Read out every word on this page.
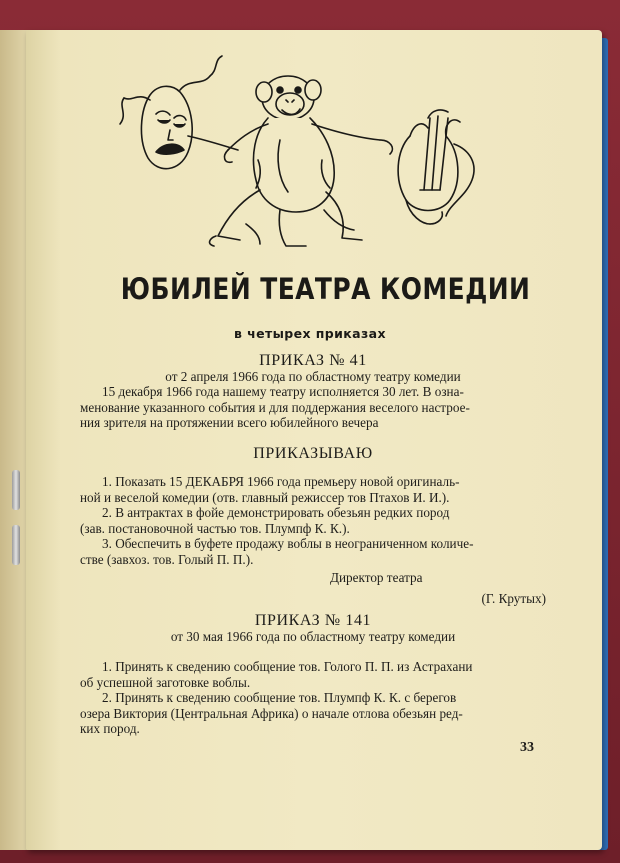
ЮБИЛЕЙ ТЕАТРА КОМЕДИИ
в четырех приказах
ПРИКАЗ № 41
от 2 апреля 1966 года по областному театру комедии
15 декабря 1966 года нашему театру исполняется 30 лет. В озна-
менование указанного события и для поддержания веселого настрое-
ния зрителя на протяжении всего юбилейного вечера
ПРИКАЗЫВАЮ
1. Показать 15 ДЕКАБРЯ 1966 года премьеру новой оригиналь-
ной и веселой комедии (отв. главный режиссер тов Птахов И. И.).
2. В антрактах в фойе демонстрировать обезьян редких пород
(зав. постановочной частью тов. Плумпф К. К.).
3. Обеспечить в буфете продажу воблы в неограниченном количе-
стве (завхоз. тов. Голый П. П.).
Директор театра
(Г. Крутых)
ПРИКАЗ № 141
от 30 мая 1966 года по областному театру комедии
1. Принять к сведению сообщение тов. Голого П. П. из Астрахани
об успешной заготовке воблы.
2. Принять к сведению сообщение тов. Плумпф К. К. с берегов
озера Виктория (Центральная Африка) о начале отлова обезьян ред-
ких пород.
33
